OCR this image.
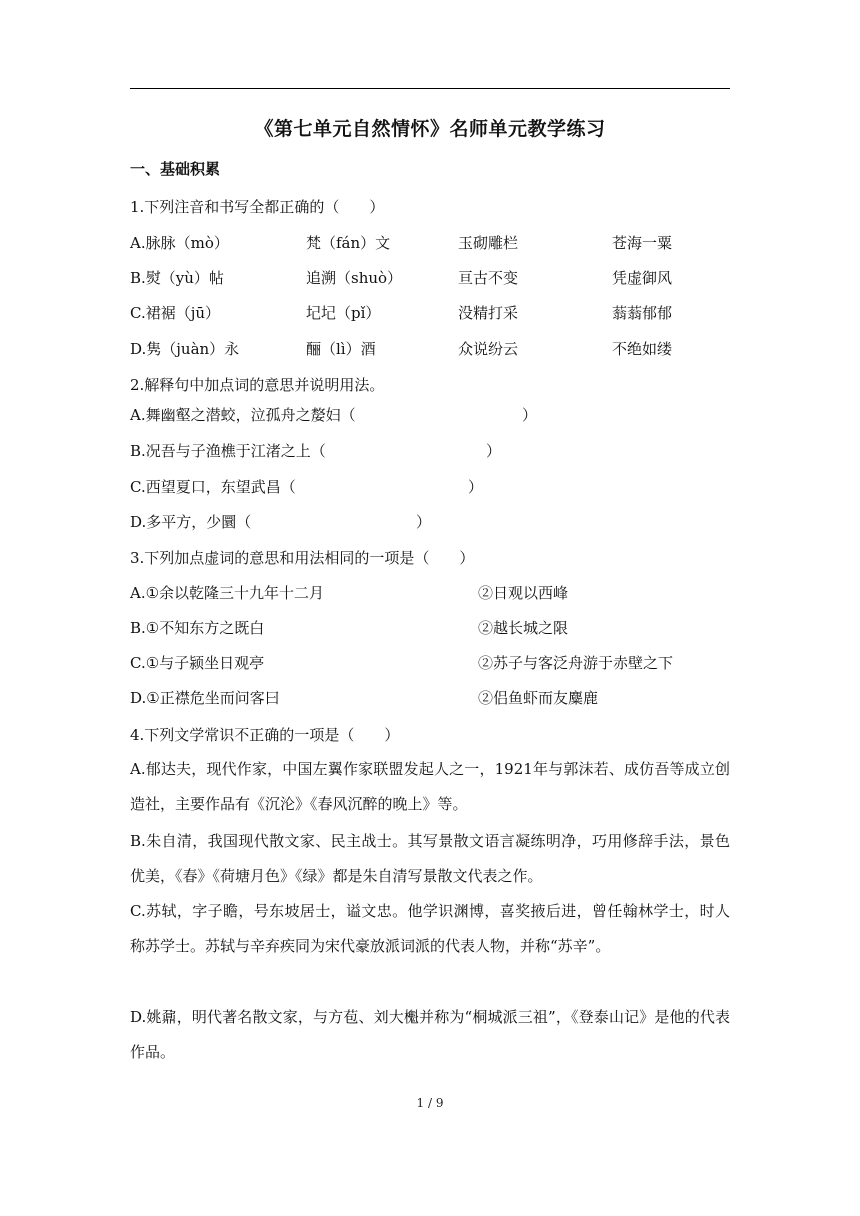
《第七单元自然情怀》名师单元教学练习
一、基础积累
1.下列注音和书写全都正确的（　　）
A.脉脉（mò）	梵（fán）文	玉砌雕栏	苍海一粟
B.熨（yù）帖	追溯（shuò）	亘古不变	凭虚御风
C.裙裾（jū）	圮圮（pǐ）	没精打采	蓊蓊郁郁
D.隽（juàn）永	酾（lì）酒	众说纷云	不绝如缕
2.解释句中加点词的意思并说明用法。
A.舞幽壑之潜蛟，泣孤舟之嫠妇（	）
B.况吾与子渔樵于江渚之上（	）
C.西望夏口，东望武昌（	）
D.多平方，少圜（	）
3.下列加点虚词的意思和用法相同的一项是（　　）
A.①余以乾隆三十九年十二月	②日观以西峰
B.①不知东方之既白	②越长城之限
C.①与子颍坐日观亭	②苏子与客泛舟游于赤壁之下
D.①正襟危坐而问客曰	②侣鱼虾而友麋鹿
4.下列文学常识不正确的一项是（　　）
A.郁达夫，现代作家，中国左翼作家联盟发起人之一，1921年与郭沫若、成仿吾等成立创造社，主要作品有《沉沦》《春风沉醉的晚上》等。
B.朱自清，我国现代散文家、民主战士。其写景散文语言凝练明净，巧用修辞手法，景色优美，《春》《荷塘月色》《绿》都是朱自清写景散文代表之作。
C.苏轼，字子瞻，号东坡居士，谥文忠。他学识渊博，喜奖掖后进，曾任翰林学士，时人称苏学士。苏轼与辛弃疾同为宋代豪放派词派的代表人物，并称“苏辛”。
D.姚鼐，明代著名散文家，与方苞、刘大櫆并称为“桐城派三祖”，《登泰山记》是他的代表作品。
1 / 9
